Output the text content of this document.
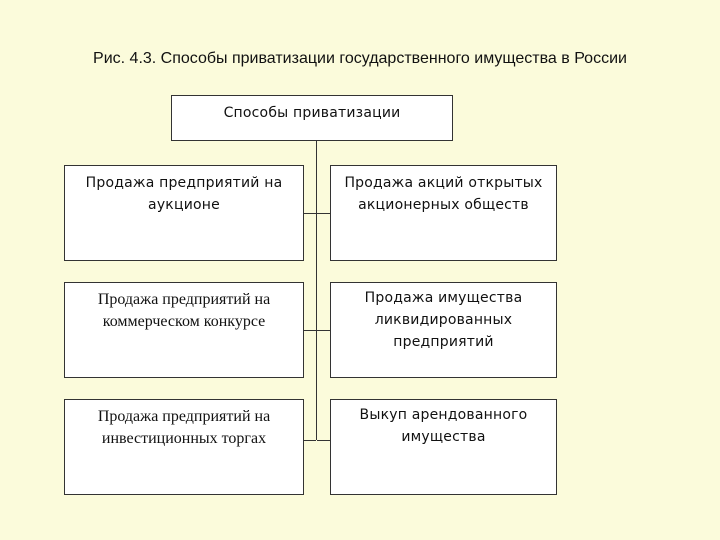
Рис. 4.3. Способы приватизации государственного имущества в России
Способы приватизации
Продажа предприятий на
аукционе
Продажа предприятий на
коммерческом конкурсе
Продажа предприятий на
инвестиционных торгах
Продажа акций открытых
акционерных обществ
Продажа имущества
ликвидированных
предприятий
Выкуп арендованного
имущества
